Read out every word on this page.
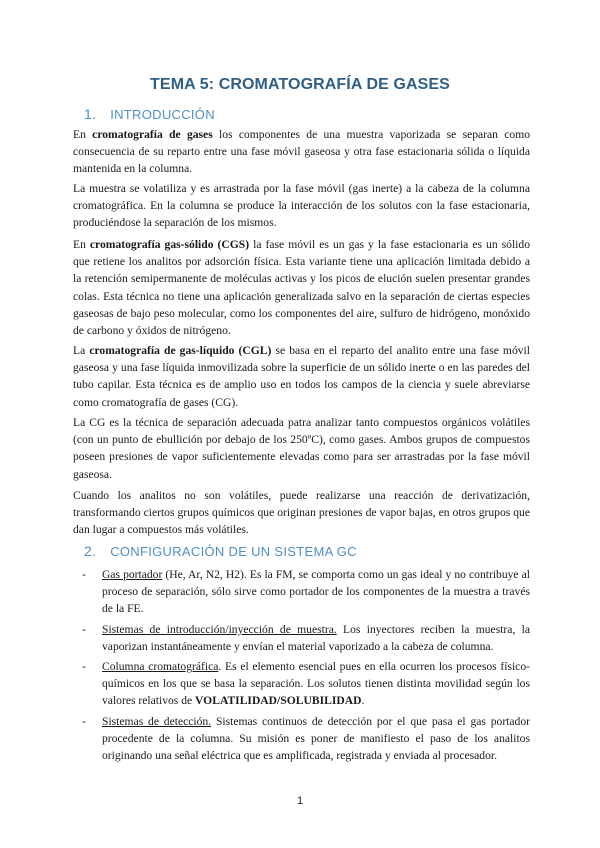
TEMA 5: CROMATOGRAFÍA DE GASES
1. INTRODUCCIÓN
En cromatografía de gases los componentes de una muestra vaporizada se separan como consecuencia de su reparto entre una fase móvil gaseosa y otra fase estacionaria sólida o líquida mantenida en la columna.
La muestra se volatiliza y es arrastrada por la fase móvil (gas inerte) a la cabeza de la columna cromatográfica. En la columna se produce la interacción de los solutos con la fase estacionaria, produciéndose la separación de los mismos.
En cromatografía gas-sólido (CGS) la fase móvil es un gas y la fase estacionaria es un sólido que retiene los analitos por adsorción física. Esta variante tiene una aplicación limitada debido a la retención semipermanente de moléculas activas y los picos de elución suelen presentar grandes colas. Esta técnica no tiene una aplicación generalizada salvo en la separación de ciertas especies gaseosas de bajo peso molecular, como los componentes del aire, sulfuro de hidrógeno, monóxido de carbono y óxidos de nitrógeno.
La cromatografía de gas-líquido (CGL) se basa en el reparto del analito entre una fase móvil gaseosa y una fase líquida inmovilizada sobre la superficie de un sólido inerte o en las paredes del tubo capilar. Esta técnica es de amplio uso en todos los campos de la ciencia y suele abreviarse como cromatografía de gases (CG).
La CG es la técnica de separación adecuada patra analizar tanto compuestos orgánicos volátiles (con un punto de ebullición por debajo de los 250ºC), como gases. Ambos grupos de compuestos poseen presiones de vapor suficientemente elevadas como para ser arrastradas por la fase móvil gaseosa.
Cuando los analitos no son volátiles, puede realizarse una reacción de derivatización, transformando ciertos grupos químicos que originan presiones de vapor bajas, en otros grupos que dan lugar a compuestos más volátiles.
2. CONFIGURACIÓN DE UN SISTEMA GC
- Gas portador (He, Ar, N2, H2). Es la FM, se comporta como un gas ideal y no contribuye al proceso de separación, sólo sirve como portador de los componentes de la muestra a través de la FE.
- Sistemas de introducción/inyección de muestra. Los inyectores reciben la muestra, la vaporizan instantáneamente y envían el material vaporizado a la cabeza de columna.
- Columna cromatográfica. Es el elemento esencial pues en ella ocurren los procesos físico-químicos en los que se basa la separación. Los solutos tienen distinta movilidad según los valores relativos de VOLATILIDAD/SOLUBILIDAD.
- Sistemas de detección. Sistemas continuos de detección por el que pasa el gas portador procedente de la columna. Su misión es poner de manifiesto el paso de los analitos originando una señal eléctrica que es amplificada, registrada y enviada al procesador.
1
